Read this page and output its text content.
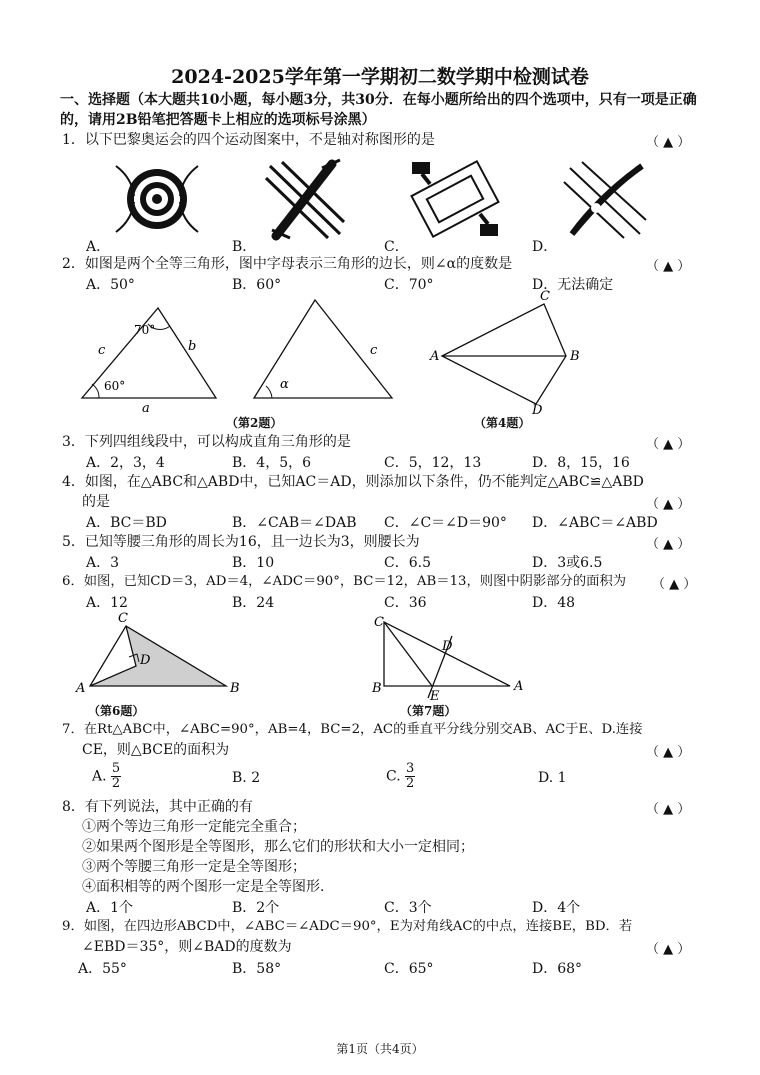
2024-2025学年第一学期初二数学期中检测试卷
一、选择题（本大题共10小题，每小题3分，共30分．在每小题所给出的四个选项中，只有一项是正确的，请用2B铅笔把答题卡上相应的选项标号涂黑）
1．以下巴黎奥运会的四个运动图案中，不是轴对称图形的是	（ ▲ ）
A．	B．	C．	D．
2．如图是两个全等三角形，图中字母表示三角形的边长，则∠α的度数是	（ ▲ ）
A．50°	B．60°	C．70°	D．无法确定
c	b
a
70°
60°
c
α
（第2题）
A
C
B
D
（第4题）
3．下列四组线段中，可以构成直角三角形的是	（ ▲ ）
A．2，3，4	B．4，5，6	C．5，12，13	D．8，15，16
4．如图，在△ABC和△ABD中，已知AC＝AD，则添加以下条件，仍不能判定△ABC≌△ABD
的是	（ ▲ ）
A．BC＝BD	B．∠CAB＝∠DAB C．∠C＝∠D＝90° D．∠ABC＝∠ABD
5．已知等腰三角形的周长为16，且一边长为3，则腰长为	（ ▲ ）
A．3	B．10	C．6.5	D．3或6.5
6．如图，已知CD＝3，AD＝4，∠ADC＝90°，BC＝12，AB＝13，则图中阴影部分的面积为 （ ▲ ）
A．12	B．24	C．36	D．48
A	B
C
D
（第6题）
C
B	A
D
E
（第7题）
7．在Rt△ABC中，∠ABC=90°，AB=4，BC=2，AC的垂直平分线分别交AB、AC于E、D.连接
CE，则△BCE的面积为	（ ▲ ）
A. $\frac{5}{2}$	B. 2	C. $\frac{3}{2}$	D. 1
8．有下列说法，其中正确的有	（ ▲ ）
①两个等边三角形一定能完全重合；
②如果两个图形是全等图形，那么它们的形状和大小一定相同；
③两个等腰三角形一定是全等图形；
④面积相等的两个图形一定是全等图形．
A．1个	B．2个	C．3个	D．4个
9．如图，在四边形ABCD中，∠ABC＝∠ADC＝90°，E为对角线AC的中点，连接BE，BD．若
∠EBD＝35°，则∠BAD的度数为	（ ▲ ）
A．55°	B．58°	C．65°	D．68°
第1页（共4页）
